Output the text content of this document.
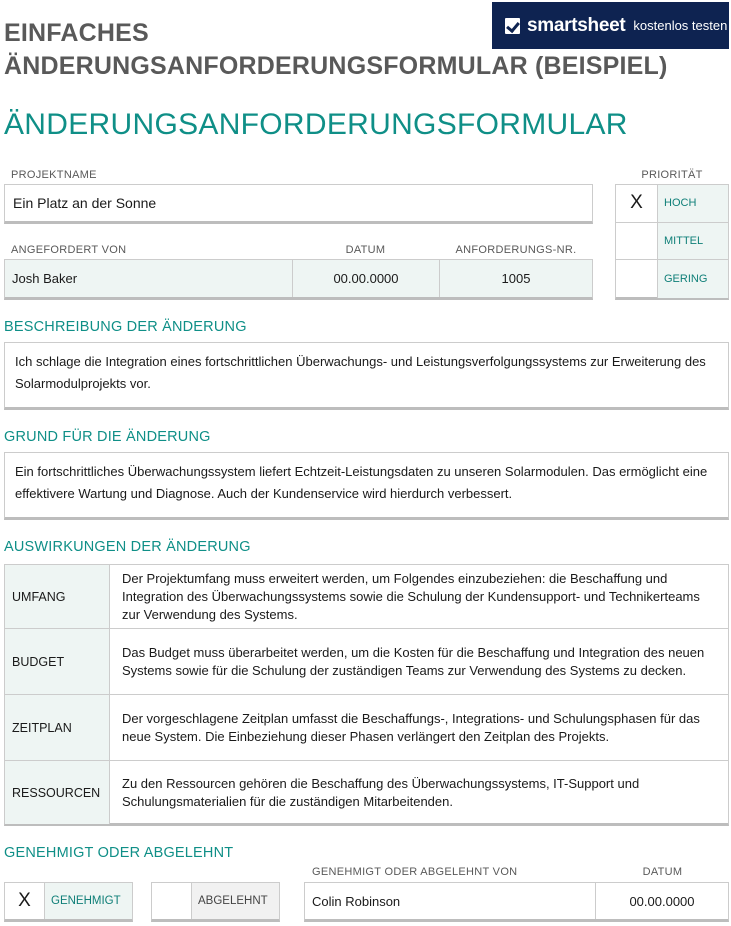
EINFACHES
ÄNDERUNGSANFORDERUNGSFORMULAR (BEISPIEL)
smartsheet kostenlos testen
ÄNDERUNGSANFORDERUNGSFORMULAR
PROJEKTNAME
Ein Platz an der Sonne
ANGEFORDERT VON	DATUM	ANFORDERUNGS-NR.
Josh Baker	00.00.0000	1005
PRIORITÄT
X	HOCH
MITTEL
GERING
BESCHREIBUNG DER ÄNDERUNG
Ich schlage die Integration eines fortschrittlichen Überwachungs- und Leistungsverfolgungssystems zur Erweiterung des Solarmodulprojekts vor.
GRUND FÜR DIE ÄNDERUNG
Ein fortschrittliches Überwachungssystem liefert Echtzeit-Leistungsdaten zu unseren Solarmodulen. Das ermöglicht eine effektivere Wartung und Diagnose. Auch der Kundenservice wird hierdurch verbessert.
AUSWIRKUNGEN DER ÄNDERUNG
UMFANG
Der Projektumfang muss erweitert werden, um Folgendes einzubeziehen: die Beschaffung und Integration des Überwachungssystems sowie die Schulung der Kundensupport- und Technikerteams zur Verwendung des Systems.
BUDGET
Das Budget muss überarbeitet werden, um die Kosten für die Beschaffung und Integration des neuen Systems sowie für die Schulung der zuständigen Teams zur Verwendung des Systems zu decken.
ZEITPLAN
Der vorgeschlagene Zeitplan umfasst die Beschaffungs-, Integrations- und Schulungsphasen für das neue System. Die Einbeziehung dieser Phasen verlängert den Zeitplan des Projekts.
RESSOURCEN
Zu den Ressourcen gehören die Beschaffung des Überwachungssystems, IT-Support und Schulungsmaterialien für die zuständigen Mitarbeitenden.
GENEHMIGT ODER ABGELEHNT
GENEHMIGT ODER ABGELEHNT VON	DATUM
X	GENEHMIGT	ABGELEHNT	Colin Robinson	00.00.0000
